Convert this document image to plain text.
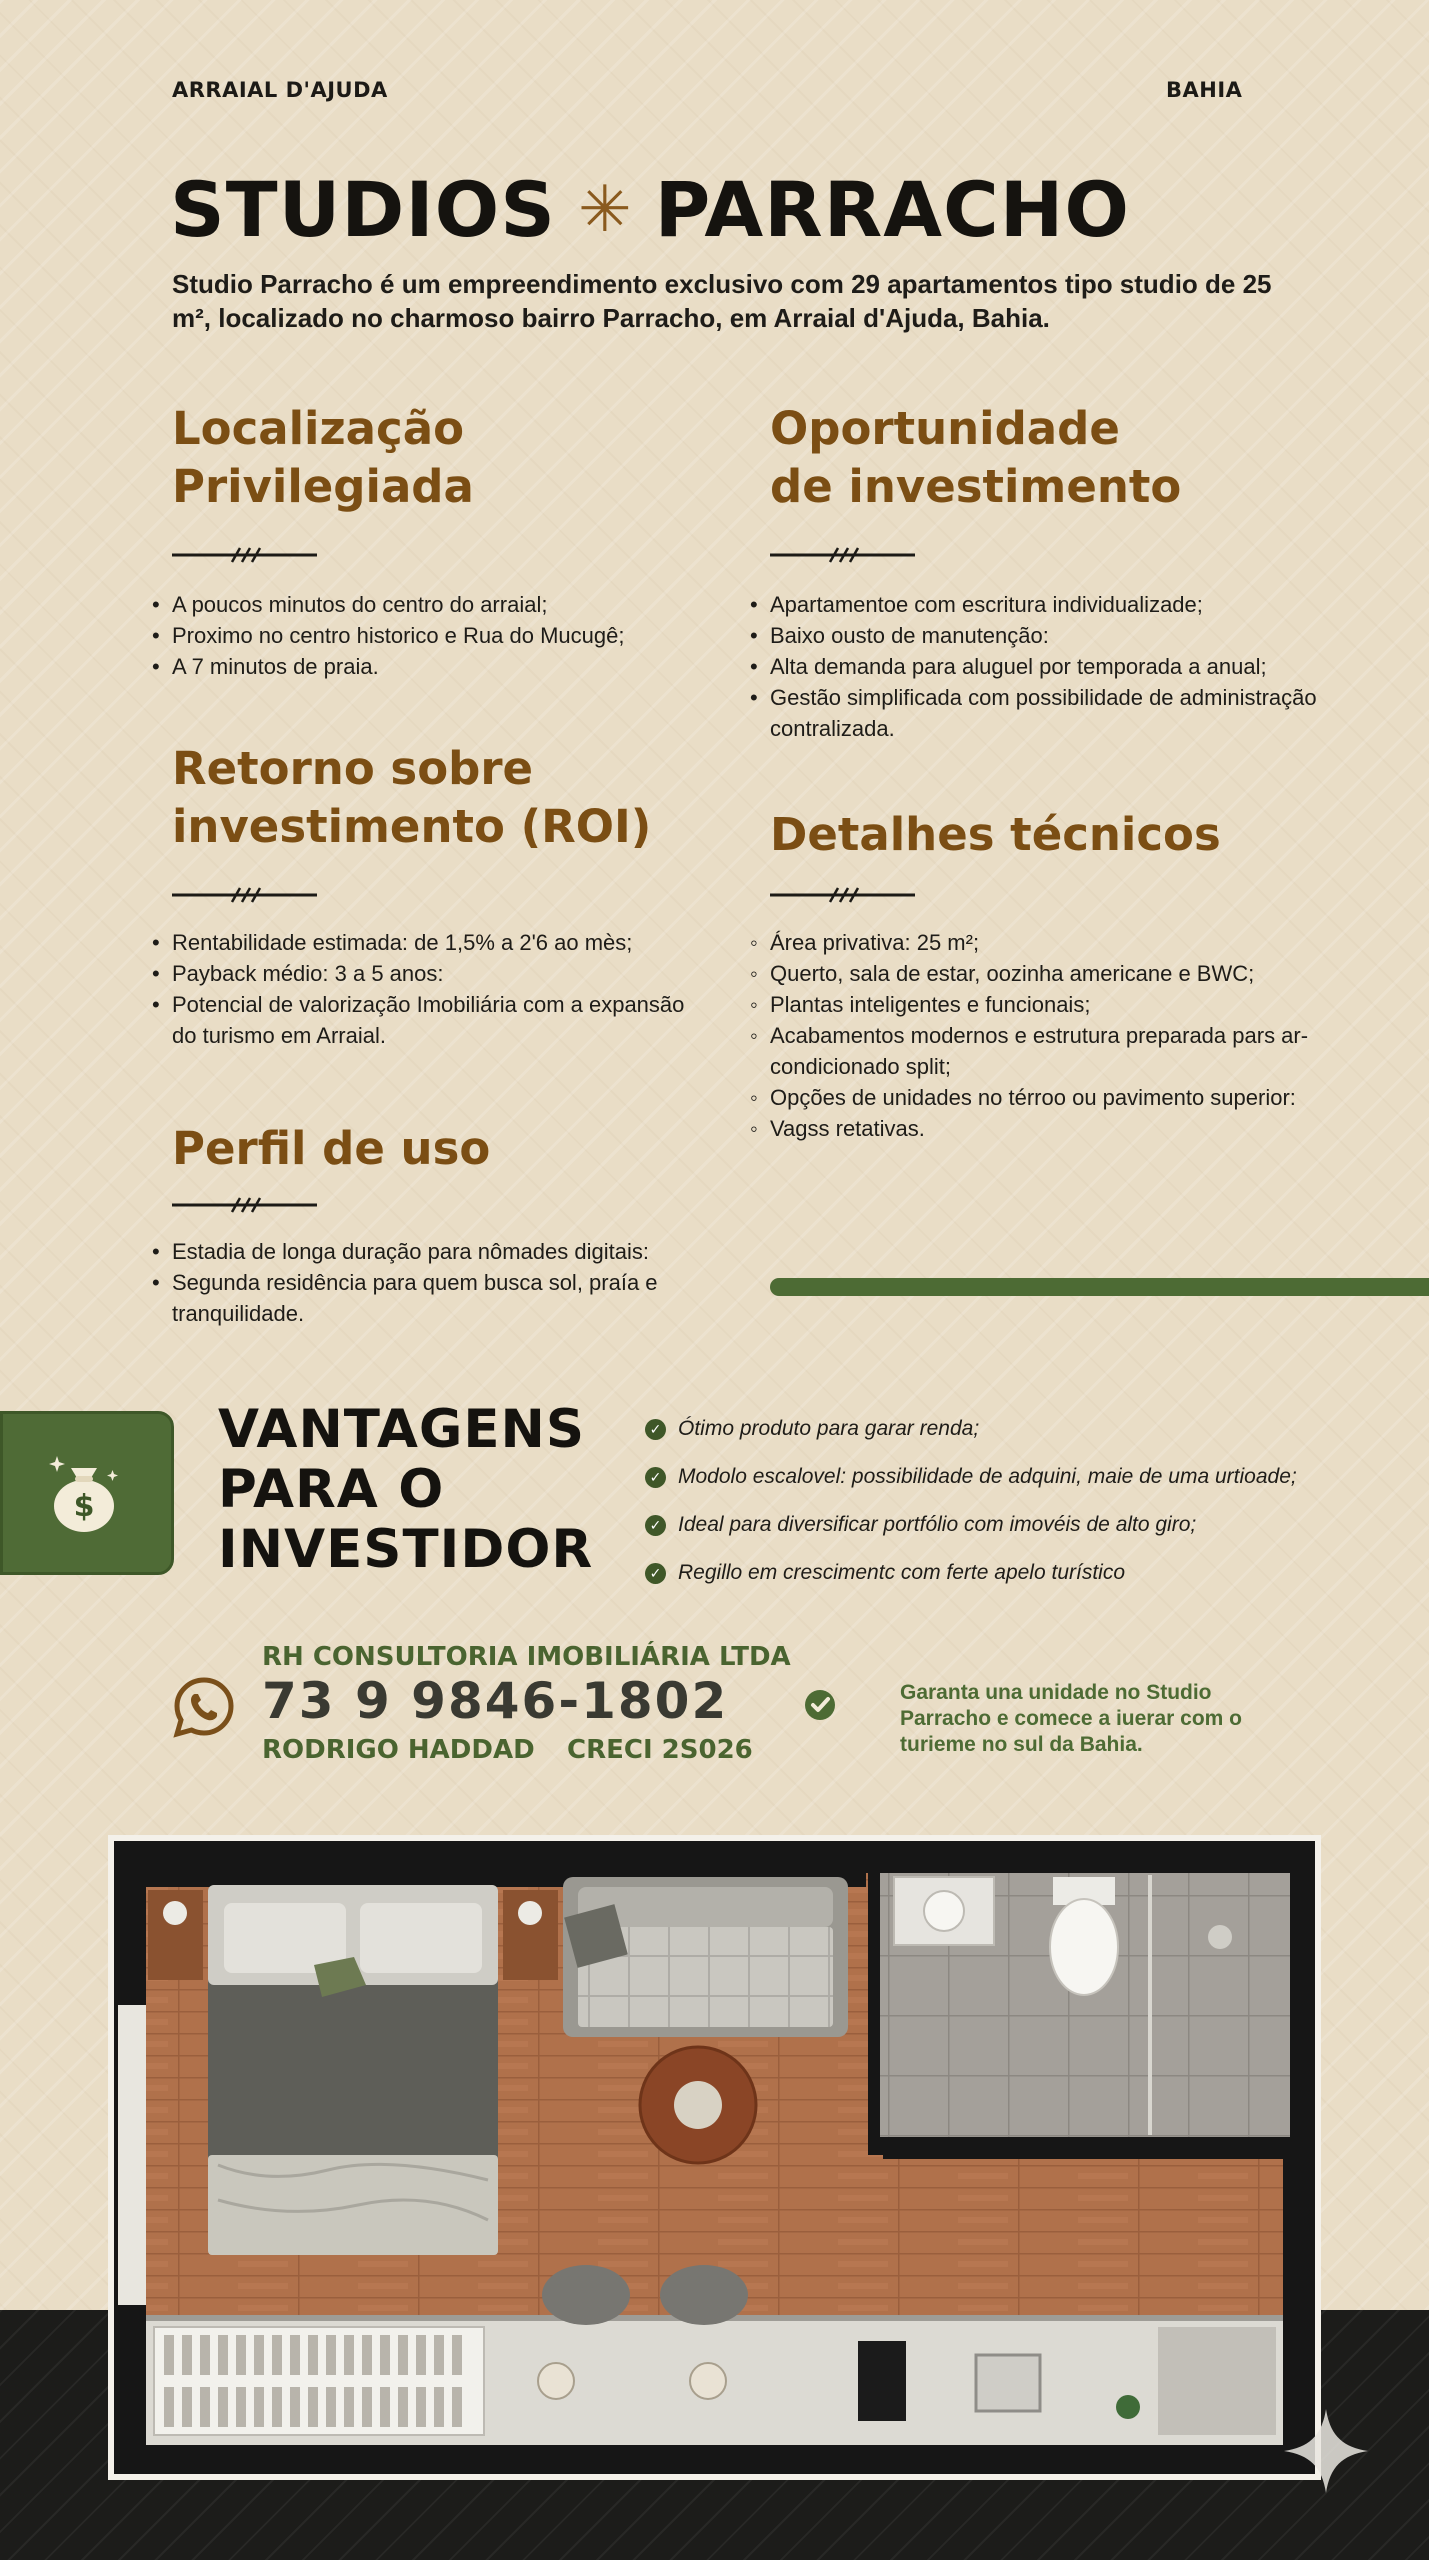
ARRAIAL D'AJUDA	BAHIA
STUDIOS ✳ PARRACHO

Studio Parracho é um empreendimento exclusivo com 29 apartamentos tipo studio de 25 m², localizado no charmoso bairro Parracho, em Arraial d'Ajuda, Bahia.

Localização
Privilegiada
• A poucos minutos do centro do arraial;
• Proximo no centro historico e Rua do Mucugê;
• A 7 minutos de praia.
Oportunidade
de investimento
• Apartamentoe com escritura individualizade;
• Baixo ousto de manutenção:
• Alta demanda para aluguel por temporada a anual;
• Gestão simplificada com possibilidade de administração contralizada.
Retorno sobre
investimento (ROI)
• Rentabilidade estimada: de 1,5% a 2'6 ao mès;
• Payback médio: 3 a 5 anos:
• Potencial de valorização Imobiliária com a expansão do turismo em Arraial.
Detalhes técnicos
◦ Área privativa: 25 m²;
◦ Querto, sala de estar, oozinha americane e BWC;
◦ Plantas inteligentes e funcionais;
◦ Acabamentos modernos e estrutura preparada pars ar-condicionado split;
◦ Opções de unidades no térroo ou pavimento superior:
◦ Vagss retativas.
Perfil de uso
• Estadia de longa duração para nômades digitais:
• Segunda residência para quem busca sol, praía e tranquilidade.
$
VANTAGENS
PARA O
INVESTIDOR
✓ Ótimo produto para garar renda;
✓ Modolo escalovel: possibilidade de adquini, maie de uma urtioade;
✓ Ideal para diversificar portfólio com imovéis de alto giro;
✓ Regillo em crescimentc com ferte apelo turístico
RH CONSULTORIA IMOBILIÁRIA LTDA
73 9 9846-1802
RODRIGO HADDAD CRECI 2S026

Garanta una unidade no Studio Parracho e comece a iuerar com o turieme no sul da Bahia.
